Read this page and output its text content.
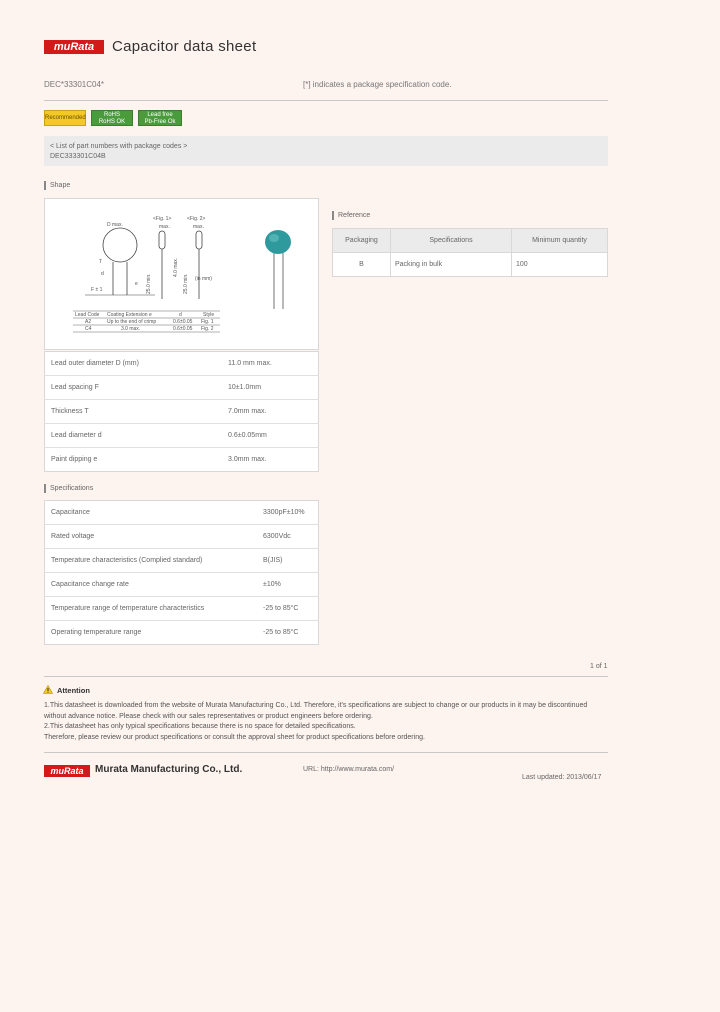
muRata	Capacitor data sheet
DEC*33301C04*	[*] indicates a package specification code.
Recommended	RoHS
RoHS OK
Lead free
Pb-Free Ok
< List of part numbers with package codes >
DEC333301C04B
Shape
D max.
F ± 1
T
e
d
<Fig. 1>
max.
25.0 min.
4.0 max.
<Fig. 2>
max.
25.0 min. (in mm)
Lead Code Coating Extension e	d	Style
A2	Up to the end of crimp	0.6±0.05 Fig. 1
C4	3.0 max.	0.6±0.05 Fig. 2
Lead outer diameter D (mm)	11.0 mm max.
Lead spacing F	10±1.0mm
Thickness T	7.0mm max.
Lead diameter d	0.6±0.05mm
Paint dipping e	3.0mm max.
Specifications
Capacitance	3300pF±10%
Rated voltage	6300Vdc
Temperature characteristics (Complied standard)	B(JIS)
Capacitance change rate	±10%
Temperature range of temperature characteristics	-25 to 85°C
Operating temperature range	-25 to 85°C
Reference
Packaging	Specifications	Minimum quantity
B	Packing in bulk	100
1 of 1
Attention
1.This datasheet is downloaded from the website of Murata Manufacturing Co., Ltd. Therefore, it's specifications are subject to change or our products in it may be discontinued
without advance notice. Please check with our sales representatives or product engineers before ordering.
2.This datasheet has only typical specifications because there is no space for detailed specifications.
Therefore, please review our product specifications or consult the approval sheet for product specifications before ordering.
muRata	Murata Manufacturing Co., Ltd.	URL: http://www.murata.com/
Last updated: 2013/06/17
